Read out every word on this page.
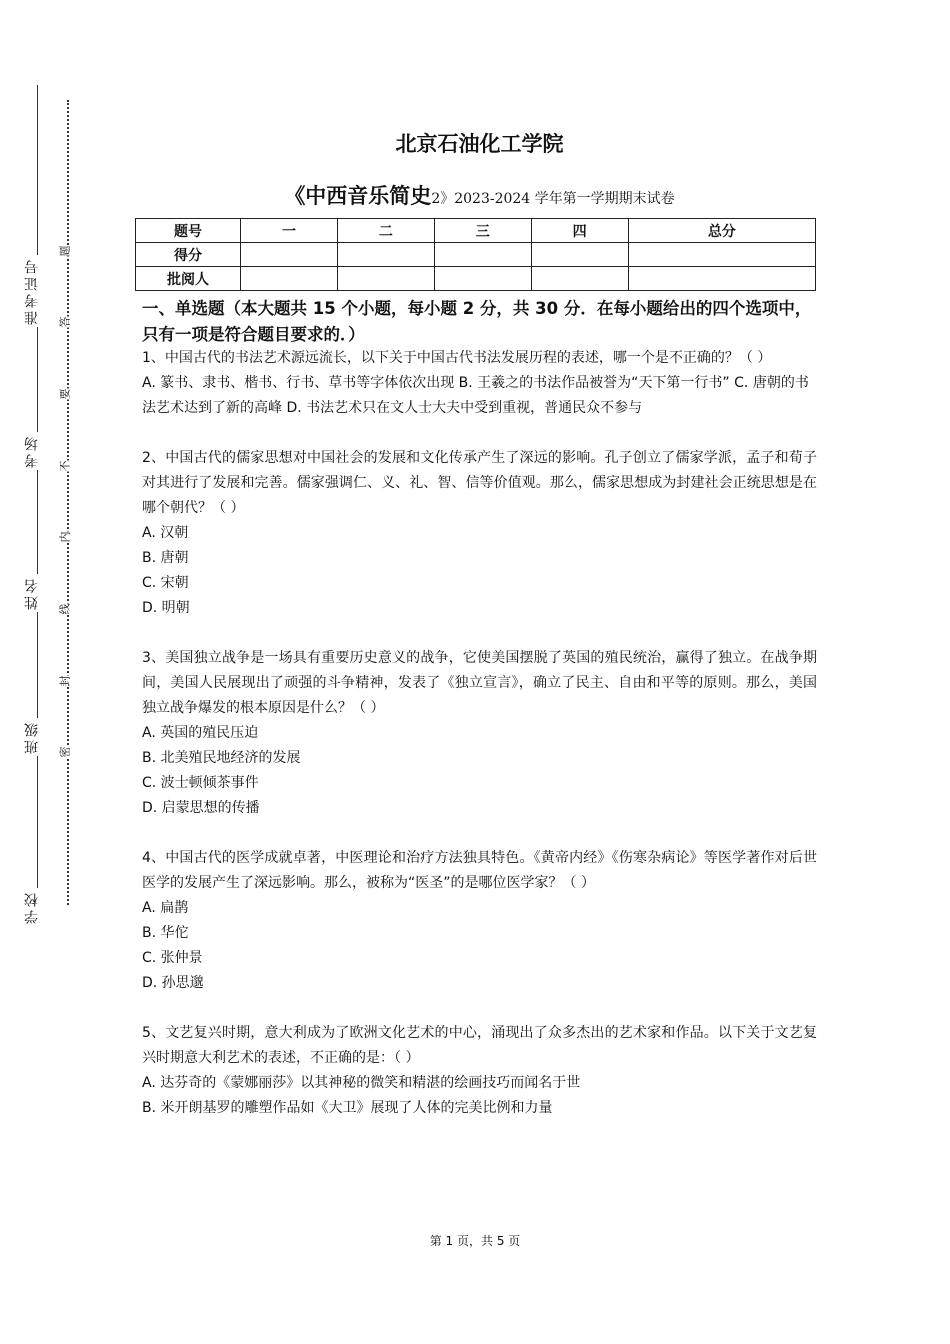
准考证号
考场
姓名
班级
学校
题
答
要
不
内
线
封
密
北京石油化工学院
《中西音乐简史2》2023-2024 学年第一学期期末试卷
题号	一	二	三	四	总分
得分					
批阅人					
一、单选题（本大题共 15 个小题，每小题 2 分，共 30 分．在每小题给出的四个选项中，只有一项是符合题目要求的．）

1、中国古代的书法艺术源远流长，以下关于中国古代书法发展历程的表述，哪一个是不正确的？（ ）

A. 篆书、隶书、楷书、行书、草书等字体依次出现 B. 王羲之的书法作品被誉为“天下第一行书” C. 唐朝的书法艺术达到了新的高峰 D. 书法艺术只在文人士大夫中受到重视，普通民众不参与

2、中国古代的儒家思想对中国社会的发展和文化传承产生了深远的影响。孔子创立了儒家学派，孟子和荀子对其进行了发展和完善。儒家强调仁、义、礼、智、信等价值观。那么，儒家思想成为封建社会正统思想是在哪个朝代？（ ）

A. 汉朝

B. 唐朝

C. 宋朝

D. 明朝

3、美国独立战争是一场具有重要历史意义的战争，它使美国摆脱了英国的殖民统治，赢得了独立。在战争期间，美国人民展现出了顽强的斗争精神，发表了《独立宣言》，确立了民主、自由和平等的原则。那么，美国独立战争爆发的根本原因是什么？（ ）

A. 英国的殖民压迫

B. 北美殖民地经济的发展

C. 波士顿倾茶事件

D. 启蒙思想的传播

4、中国古代的医学成就卓著，中医理论和治疗方法独具特色。《黄帝内经》《伤寒杂病论》等医学著作对后世医学的发展产生了深远影响。那么，被称为“医圣”的是哪位医学家？（ ）

A. 扁鹊

B. 华佗

C. 张仲景

D. 孙思邈

5、文艺复兴时期，意大利成为了欧洲文化艺术的中心，涌现出了众多杰出的艺术家和作品。以下关于文艺复兴时期意大利艺术的表述，不正确的是：（ ）

A. 达芬奇的《蒙娜丽莎》以其神秘的微笑和精湛的绘画技巧而闻名于世

B. 米开朗基罗的雕塑作品如《大卫》展现了人体的完美比例和力量

第 1 页，共 5 页
